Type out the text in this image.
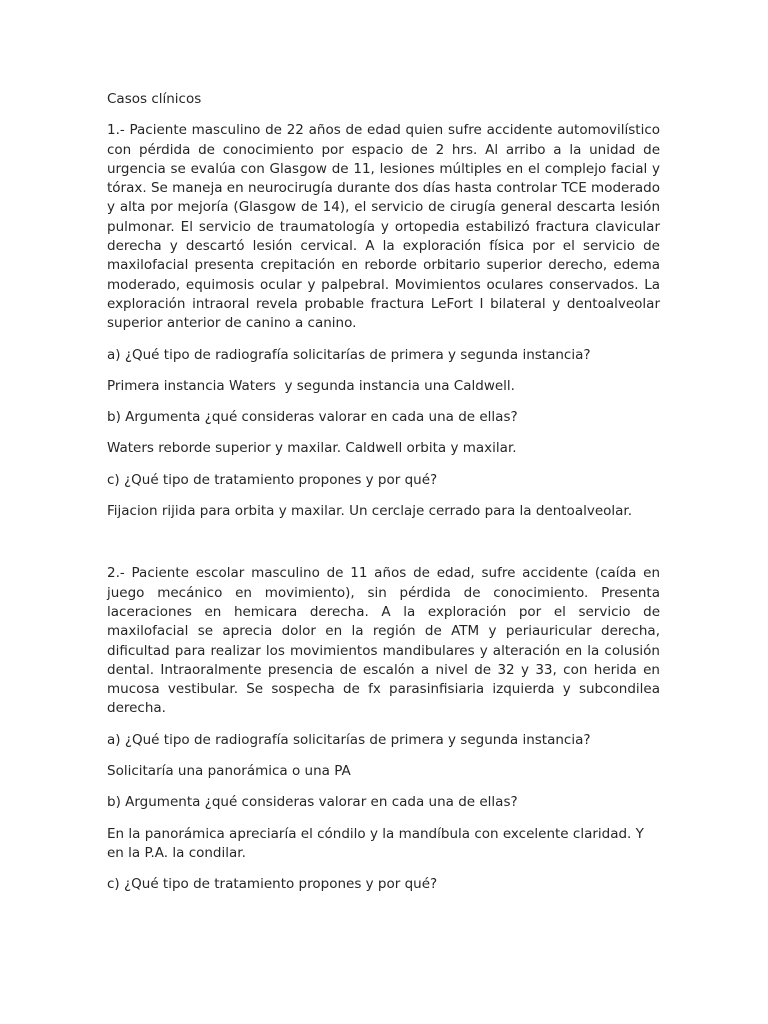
Casos clínicos

1.- Paciente masculino de 22 años de edad quien sufre accidente automovilístico con pérdida de conocimiento por espacio de 2 hrs. Al arribo a la unidad de urgencia se evalúa con Glasgow de 11, lesiones múltiples en el complejo facial y tórax. Se maneja en neurocirugía durante dos días hasta controlar TCE moderado y alta por mejoría (Glasgow de 14), el servicio de cirugía general descarta lesión pulmonar. El servicio de traumatología y ortopedia estabilizó fractura clavicular derecha y descartó lesión cervical. A la exploración física por el servicio de maxilofacial presenta crepitación en reborde orbitario superior derecho, edema moderado, equimosis ocular y palpebral. Movimientos oculares conservados. La exploración intraoral revela probable fractura LeFort I bilateral y dentoalveolar superior anterior de canino a canino.

a) ¿Qué tipo de radiografía solicitarías de primera y segunda instancia?

Primera instancia Waters  y segunda instancia una Caldwell.

b) Argumenta ¿qué consideras valorar en cada una de ellas?

Waters reborde superior y maxilar. Caldwell orbita y maxilar.

c) ¿Qué tipo de tratamiento propones y por qué?

Fijacion rijida para orbita y maxilar. Un cerclaje cerrado para la dentoalveolar.

2.- Paciente escolar masculino de 11 años de edad, sufre accidente (caída en juego mecánico en movimiento), sin pérdida de conocimiento. Presenta laceraciones en hemicara derecha. A la exploración por el servicio de maxilofacial se aprecia dolor en la región de ATM y periauricular derecha, dificultad para realizar los movimientos mandibulares y alteración en la colusión dental. Intraoralmente presencia de escalón a nivel de 32 y 33, con herida en mucosa vestibular. Se sospecha de fx parasinfisiaria izquierda y subcondilea derecha.

a) ¿Qué tipo de radiografía solicitarías de primera y segunda instancia?

Solicitaría una panorámica o una PA

b) Argumenta ¿qué consideras valorar en cada una de ellas?

En la panorámica apreciaría el cóndilo y la mandíbula con excelente claridad. Y en la P.A. la condilar.

c) ¿Qué tipo de tratamiento propones y por qué?
